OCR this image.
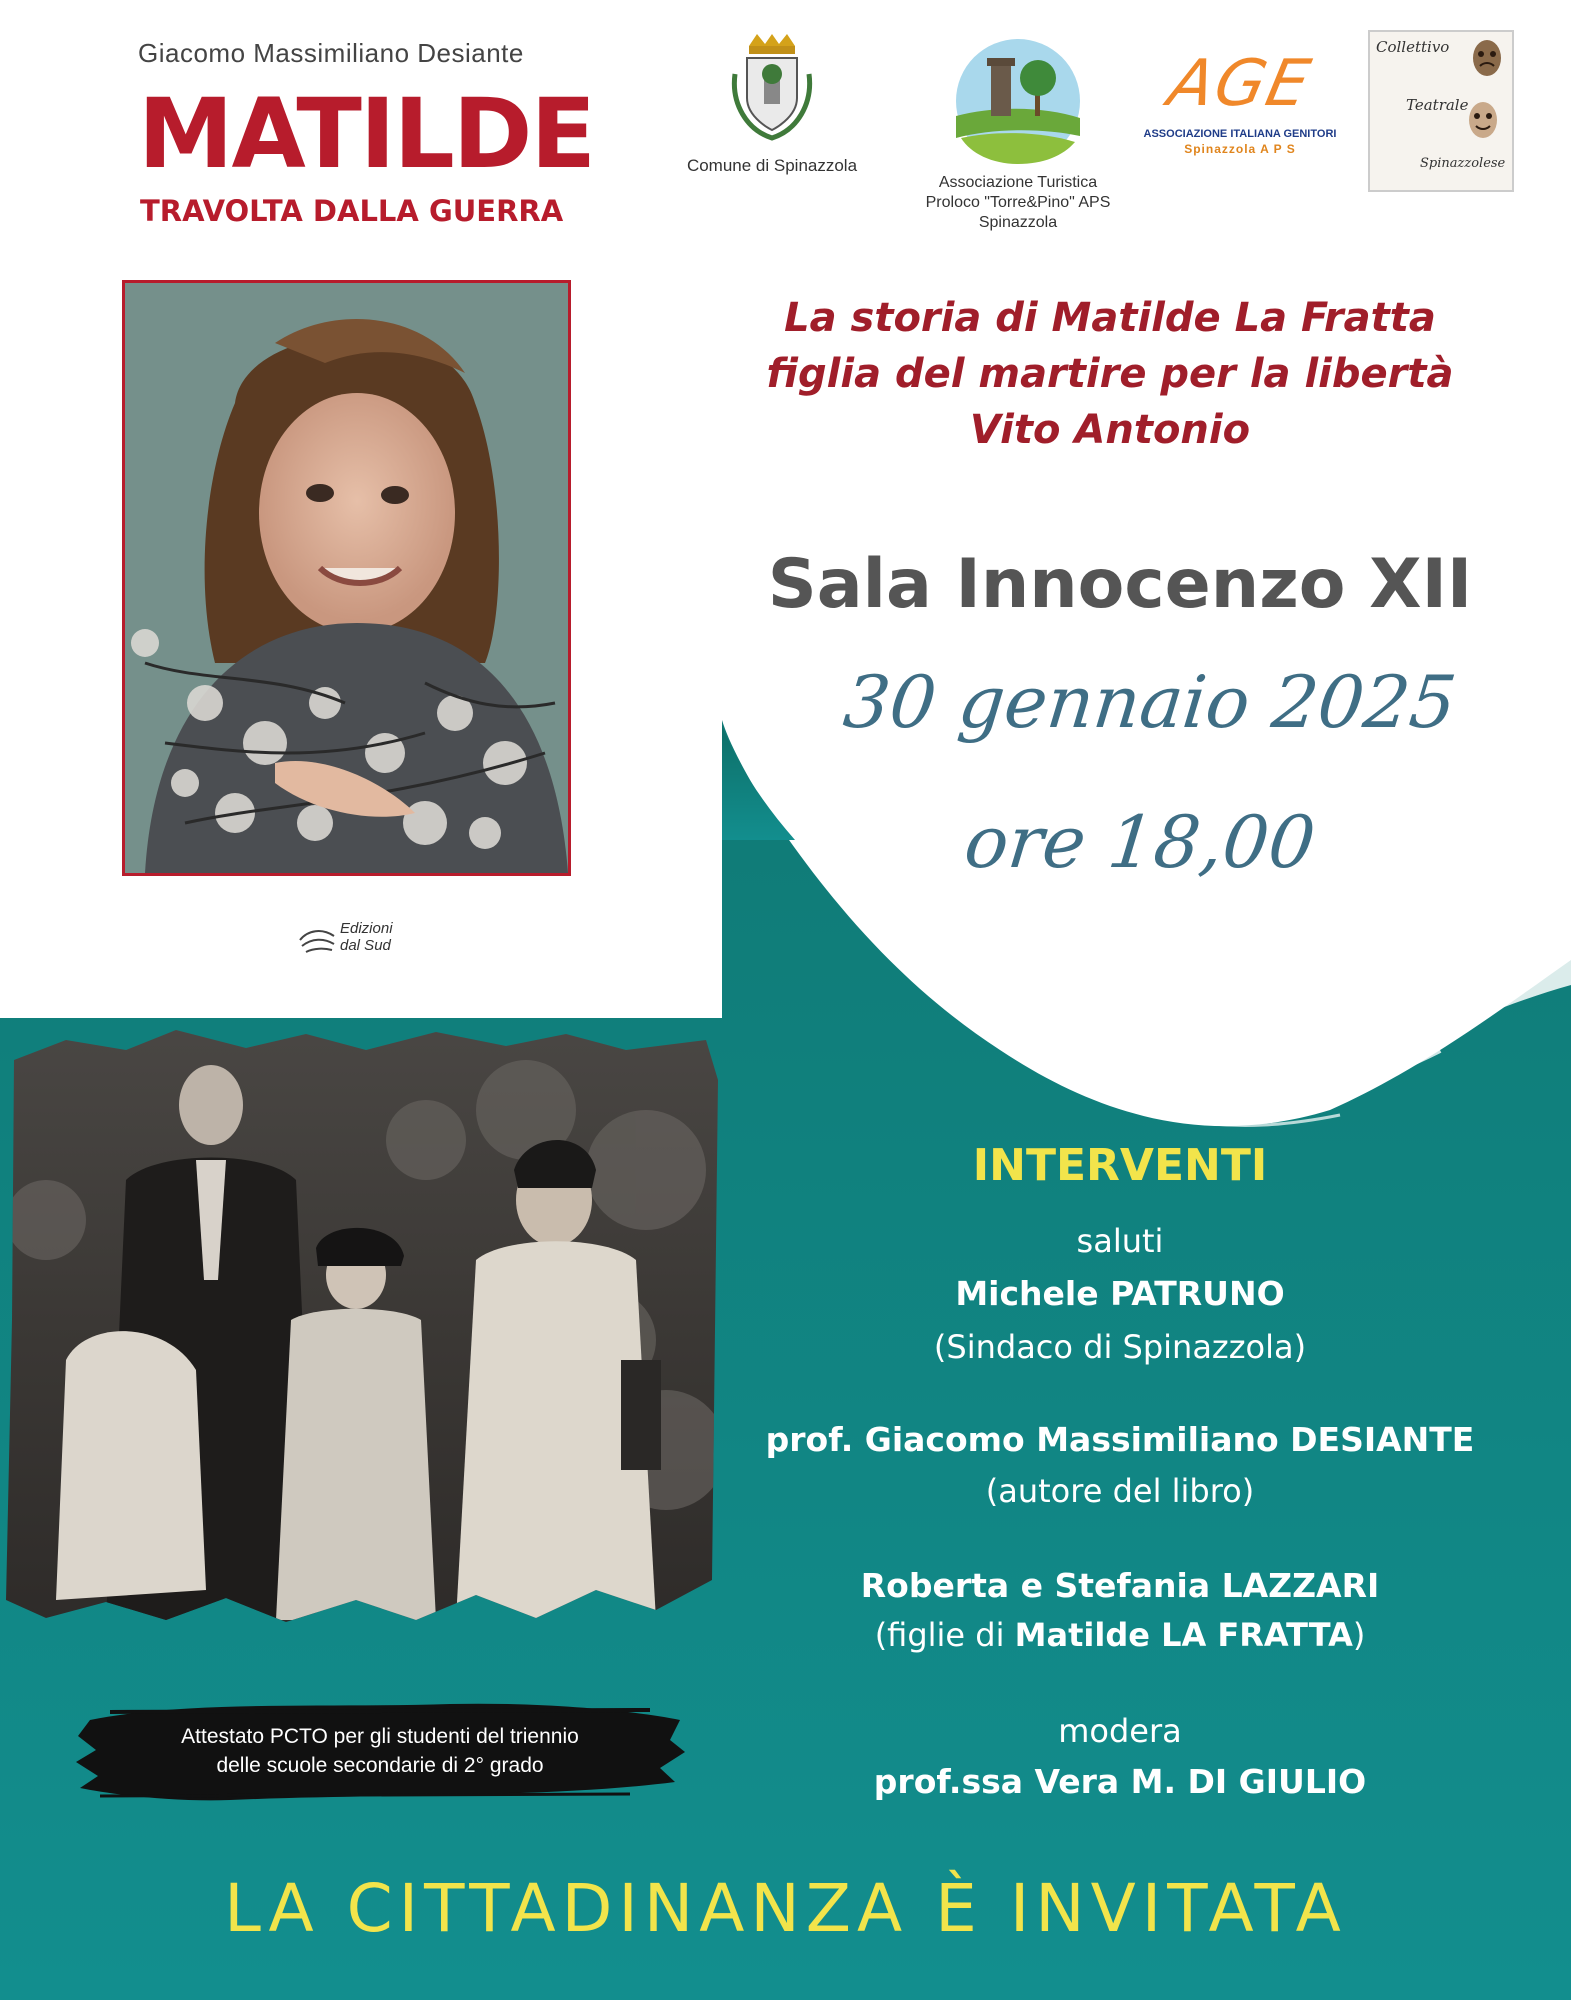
Giacomo Massimiliano Desiante
MATILDE
TRAVOLTA DALLA GUERRA
Edizioni
dal Sud
Comune di Spinazzola
Associazione Turistica
Proloco "Torre&Pino" APS
Spinazzola
AGE
ASSOCIAZIONE ITALIANA GENITORI
Spinazzola A P S
Collettivo
Teatrale
Spinazzolese
La storia di Matilde La Fratta
figlia del martire per la libertà
Vito Antonio
Sala Innocenzo XII
30 gennaio 2025
ore 18,00
INTERVENTI
saluti
Michele PATRUNO
(Sindaco di Spinazzola)
prof. Giacomo Massimiliano DESIANTE
(autore del libro)
Roberta e Stefania LAZZARI
(figlie di Matilde LA FRATTA)
modera
prof.ssa Vera M. DI GIULIO
Attestato PCTO per gli studenti del triennio
delle scuole secondarie di 2° grado
LA CITTADINANZA È INVITATA
